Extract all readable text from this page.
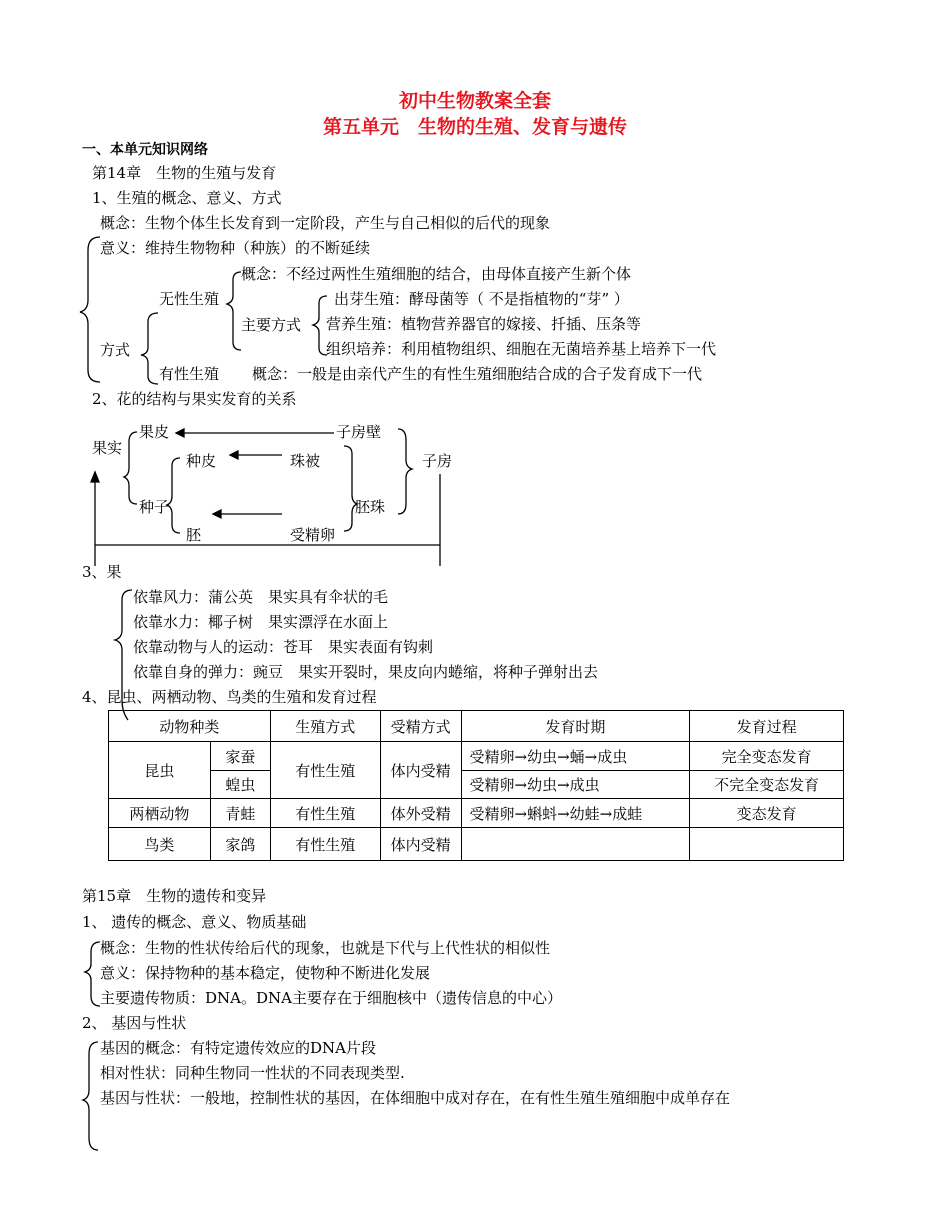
初中生物教案全套
第五单元　生物的生殖、发育与遗传
一、本单元知识网络
第14章　生物的生殖与发育
1、生殖的概念、意义、方式
概念：生物个体生长发育到一定阶段，产生与自己相似的后代的现象
意义：维持生物物种（种族）的不断延续
概念：不经过两性生殖细胞的结合，由母体直接产生新个体
无性生殖	出芽生殖：酵母菌等（ 不是指植物的“芽” ）
主要方式 营养生殖：植物营养器官的嫁接、扦插、压条等
方式	组织培养：利用植物组织、细胞在无菌培养基上培养下一代
有性生殖 概念：一般是由亲代产生的有性生殖细胞结合成的合子发育成下一代
2、花的结构与果实发育的关系
果实
果皮	子房壁
子房
种皮	珠被
种子	胚珠
胚	受精卵
3、果
依靠风力：蒲公英　果实具有伞状的毛
依靠水力：椰子树　果实漂浮在水面上
依靠动物与人的运动：苍耳　果实表面有钩刺
依靠自身的弹力：豌豆　果实开裂时，果皮向内蜷缩，将种子弹射出去
4、昆虫、两栖动物、鸟类的生殖和发育过程
动物种类		生殖方式	受精方式	发育时期	发育过程
昆虫	家蚕	有性生殖	体内受精	受精卵→幼虫→蛹→成虫	完全变态发育
	蝗虫			受精卵→幼虫→成虫	不完全变态发育
两栖动物	青蛙	有性生殖	体外受精	受精卵→蝌蚪→幼蛙→成蛙	变态发育
鸟类	家鸽	有性生殖	体内受精		
第15章　生物的遗传和变异
1、 遗传的概念、意义、物质基础
概念：生物的性状传给后代的现象，也就是下代与上代性状的相似性
意义：保持物种的基本稳定，使物种不断进化发展
主要遗传物质：DNA。DNA主要存在于细胞核中（遗传信息的中心）
2、 基因与性状
基因的概念：有特定遗传效应的DNA片段
相对性状：同种生物同一性状的不同表现类型.
基因与性状：一般地，控制性状的基因，在体细胞中成对存在，在有性生殖生殖细胞中成单存在
